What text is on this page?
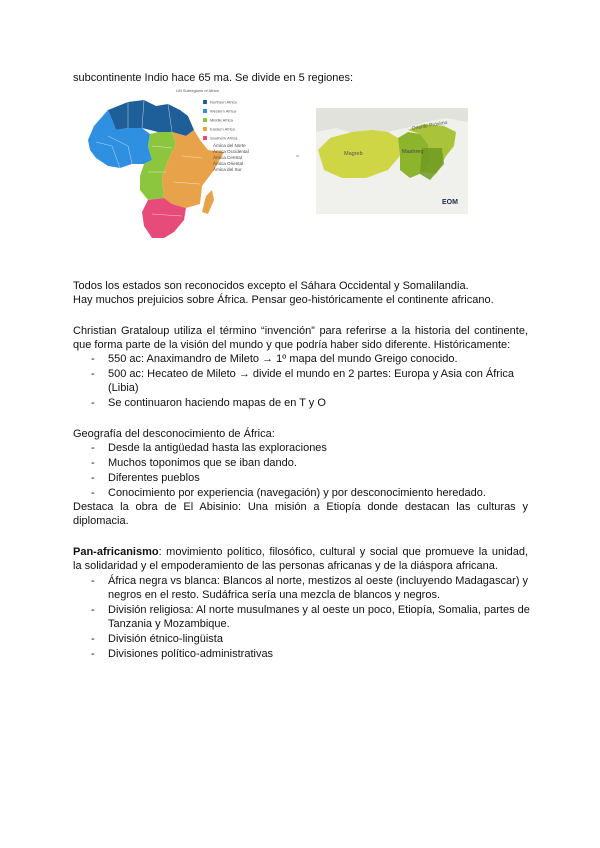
subcontinente Indio hace 65 ma. Se divide en 5 regiones:
UN Subregions of Africa
Northern Africa
Western Africa
Middle Africa
Eastern Africa
Southern Africa
Ámica del Norte
Ámica Occidental
Ámica Central
Ámica Oriental
Ámica del Sur
Magreb	Mashreq
Oriente Próximo
EOM
Todos los estados son reconocidos excepto el Sáhara Occidental y Somalilandia.
Hay muchos prejuicios sobre África. Pensar geo-históricamente el continente africano.
Christian Grataloup utiliza el término “invención” para referirse a la historia del continente,
que forma parte de la visión del mundo y que podría haber sido diferente. Históricamente:
- 550 ac: Anaximandro de Mileto → 1º mapa del mundo Greigo conocido.
- 500 ac: Hecateo de Mileto → divide el mundo en 2 partes: Europa y Asia con África (Libia)
- Se continuaron haciendo mapas de en T y O
Geografía del desconocimiento de África:
- Desde la antigüedad hasta las exploraciones
- Muchos toponimos que se iban dando.
- Diferentes pueblos
- Conocimiento por experiencia (navegación) y por desconocimiento heredado.
Destaca la obra de El Abisinio: Una misión a Etiopía donde destacan las culturas y
diplomacia.
Pan-africanismo: movimiento político, filosófico, cultural y social que promueve la unidad,
la solidaridad y el empoderamiento de las personas africanas y de la diáspora africana.
- África negra vs blanca: Blancos al norte, mestizos al oeste (incluyendo Madagascar) y negros en el resto. Sudáfrica sería una mezcla de blancos y negros.
- División religiosa: Al norte musulmanes y al oeste un poco, Etiopía, Somalia, partes de Tanzania y Mozambique.
- División étnico-lingüista
- Divisiones político-administrativas
